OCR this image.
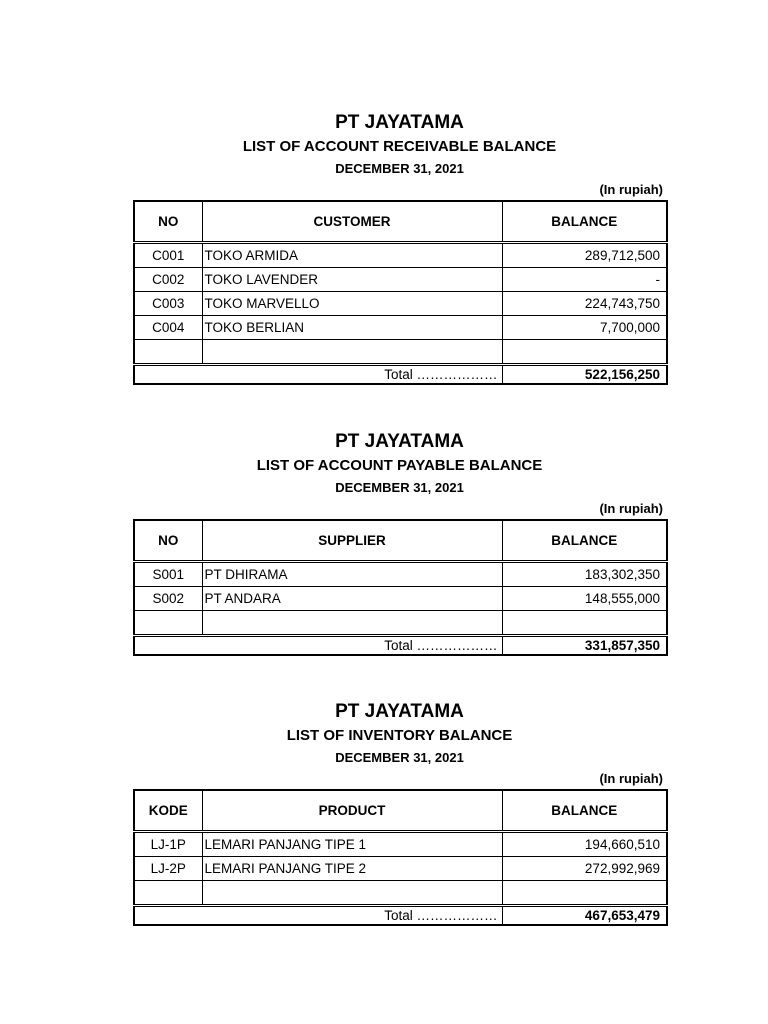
PT JAYATAMA
LIST OF ACCOUNT RECEIVABLE BALANCE
DECEMBER 31, 2021
(In rupiah)
NO	CUSTOMER	BALANCE
C001	TOKO ARMIDA	289,712,500
C002	TOKO LAVENDER	-
C003	TOKO MARVELLO	224,743,750
C004	TOKO BERLIAN	7,700,000

Total ………………		522,156,250
PT JAYATAMA
LIST OF ACCOUNT PAYABLE BALANCE
DECEMBER 31, 2021
(In rupiah)
NO	SUPPLIER	BALANCE
S001	PT DHIRAMA	183,302,350
S002	PT ANDARA	148,555,000

Total ………………		331,857,350
PT JAYATAMA
LIST OF INVENTORY BALANCE
DECEMBER 31, 2021
(In rupiah)
KODE	PRODUCT	BALANCE
LJ-1P	LEMARI PANJANG TIPE 1	194,660,510
LJ-2P	LEMARI PANJANG TIPE 2	272,992,969

Total ………………		467,653,479
